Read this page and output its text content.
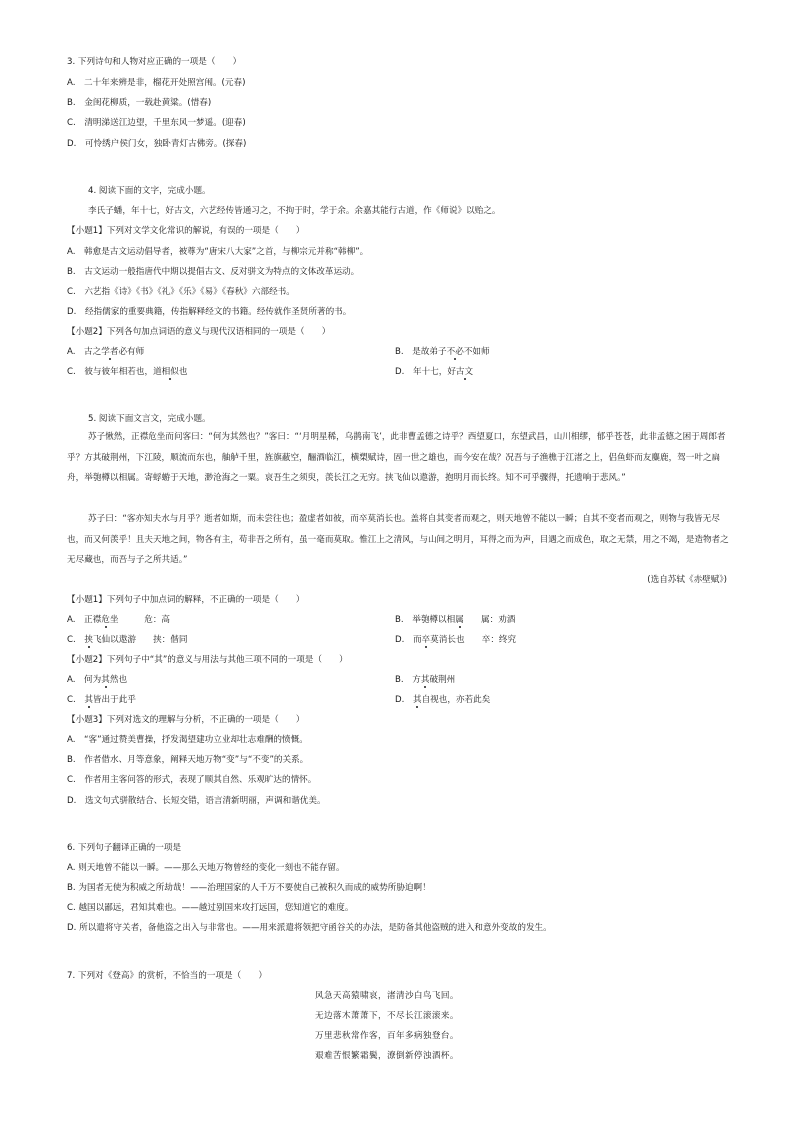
3. 下列诗句和人物对应正确的一项是（　　）
A.　二十年来辨是非，榴花开处照宫闱。(元春)
B.　金闺花柳质，一载赴黄粱。(惜春)
C.　清明涕送江边望，千里东风一梦遥。(迎春)
D.　可怜绣户侯门女，独卧青灯古佛旁。(探春)
4. 阅读下面的文字，完成小题。
李氏子蟠，年十七，好古文，六艺经传皆通习之，不拘于时，学于余。余嘉其能行古道，作《师说》以贻之。
【小题1】下列对文学文化常识的解说，有误的一项是（　　）
A.　韩愈是古文运动倡导者，被尊为“唐宋八大家”之首，与柳宗元并称“韩柳”。
B.　古文运动一般指唐代中期以提倡古文、反对骈文为特点的文体改革运动。
C.　六艺指《诗》《书》《礼》《乐》《易》《春秋》六部经书。
D.　经指儒家的重要典籍，传指解释经文的书籍。经传就作圣贤所著的书。
【小题2】下列各句加点词语的意义与现代汉语相同的一项是（　　）
A.　古之学者必有师	B.　是故弟子不必不如师
C.　彼与彼年相若也，道相似也	D.　年十七，好古文
5. 阅读下面文言文，完成小题。
苏子愀然，正襟危坐而问客曰：“何为其然也？”客曰：“‘月明星稀，乌鹊南飞’，此非曹孟德之诗乎？西望夏口，东望武昌，山川相缪，郁乎苍苍，此非孟德之困于周郎者乎？方其破荆州，下江陵，顺流而东也，舳舻千里，旌旗蔽空，酾酒临江，横槊赋诗，固一世之雄也，而今安在哉？况吾与子渔樵于江渚之上，侣鱼虾而友麋鹿，驾一叶之扁舟，举匏樽以相属。寄蜉蝣于天地，渺沧海之一粟。哀吾生之须臾，羡长江之无穷。挟飞仙以遨游，抱明月而长终。知不可乎骤得，托遗响于悲风。”
苏子曰：“客亦知夫水与月乎？逝者如斯，而未尝往也；盈虚者如彼，而卒莫消长也。盖将自其变者而观之，则天地曾不能以一瞬；自其不变者而观之，则物与我皆无尽也，而又何羡乎！且夫天地之间，物各有主，苟非吾之所有，虽一毫而莫取。惟江上之清风，与山间之明月，耳得之而为声，目遇之而成色，取之无禁，用之不竭，是造物者之无尽藏也，而吾与子之所共适。”
(选自苏轼《赤壁赋》)
【小题1】下列句子中加点词的解释，不正确的一项是（　　）
A.　正襟危坐　　　危：高	B.　举匏樽以相属　　属：劝酒
C.　挟飞仙以遨游　　挟：偕同	D.　而卒莫消长也　　卒：终究
【小题2】下列句子中“其”的意义与用法与其他三项不同的一项是（　　）
A.　何为其然也	B.　方其破荆州
C.　其皆出于此乎	D.　其自视也，亦若此矣
【小题3】下列对选文的理解与分析，不正确的一项是（　　）
A.　“客”通过赞美曹操，抒发渴望建功立业却壮志难酬的愤慨。
B.　作者借水、月等意象，阐释天地万物“变”与“不变”的关系。
C.　作者用主客问答的形式，表现了顺其自然、乐观旷达的情怀。
D.　选文句式骈散结合、长短交错，语言清新明丽，声调和谐优美。
6. 下列句子翻译正确的一项是
A. 则天地曾不能以一瞬。——那么天地万物曾经的变化一刻也不能存留。
B. 为国者无使为积威之所劫哉！——治理国家的人千万不要使自己被积久而成的威势所胁迫啊！
C. 越国以鄙远，君知其难也。——越过别国来攻打远国，您知道它的难度。
D. 所以遣将守关者，备他盗之出入与非常也。——用来派遣将领把守函谷关的办法，是防备其他盗贼的进入和意外变故的发生。
7. 下列对《登高》的赏析，不恰当的一项是（　　）
风急天高猿啸哀，渚清沙白鸟飞回。
无边落木萧萧下，不尽长江滚滚来。
万里悲秋常作客，百年多病独登台。
艰难苦恨繁霜鬓，潦倒新停浊酒杯。
